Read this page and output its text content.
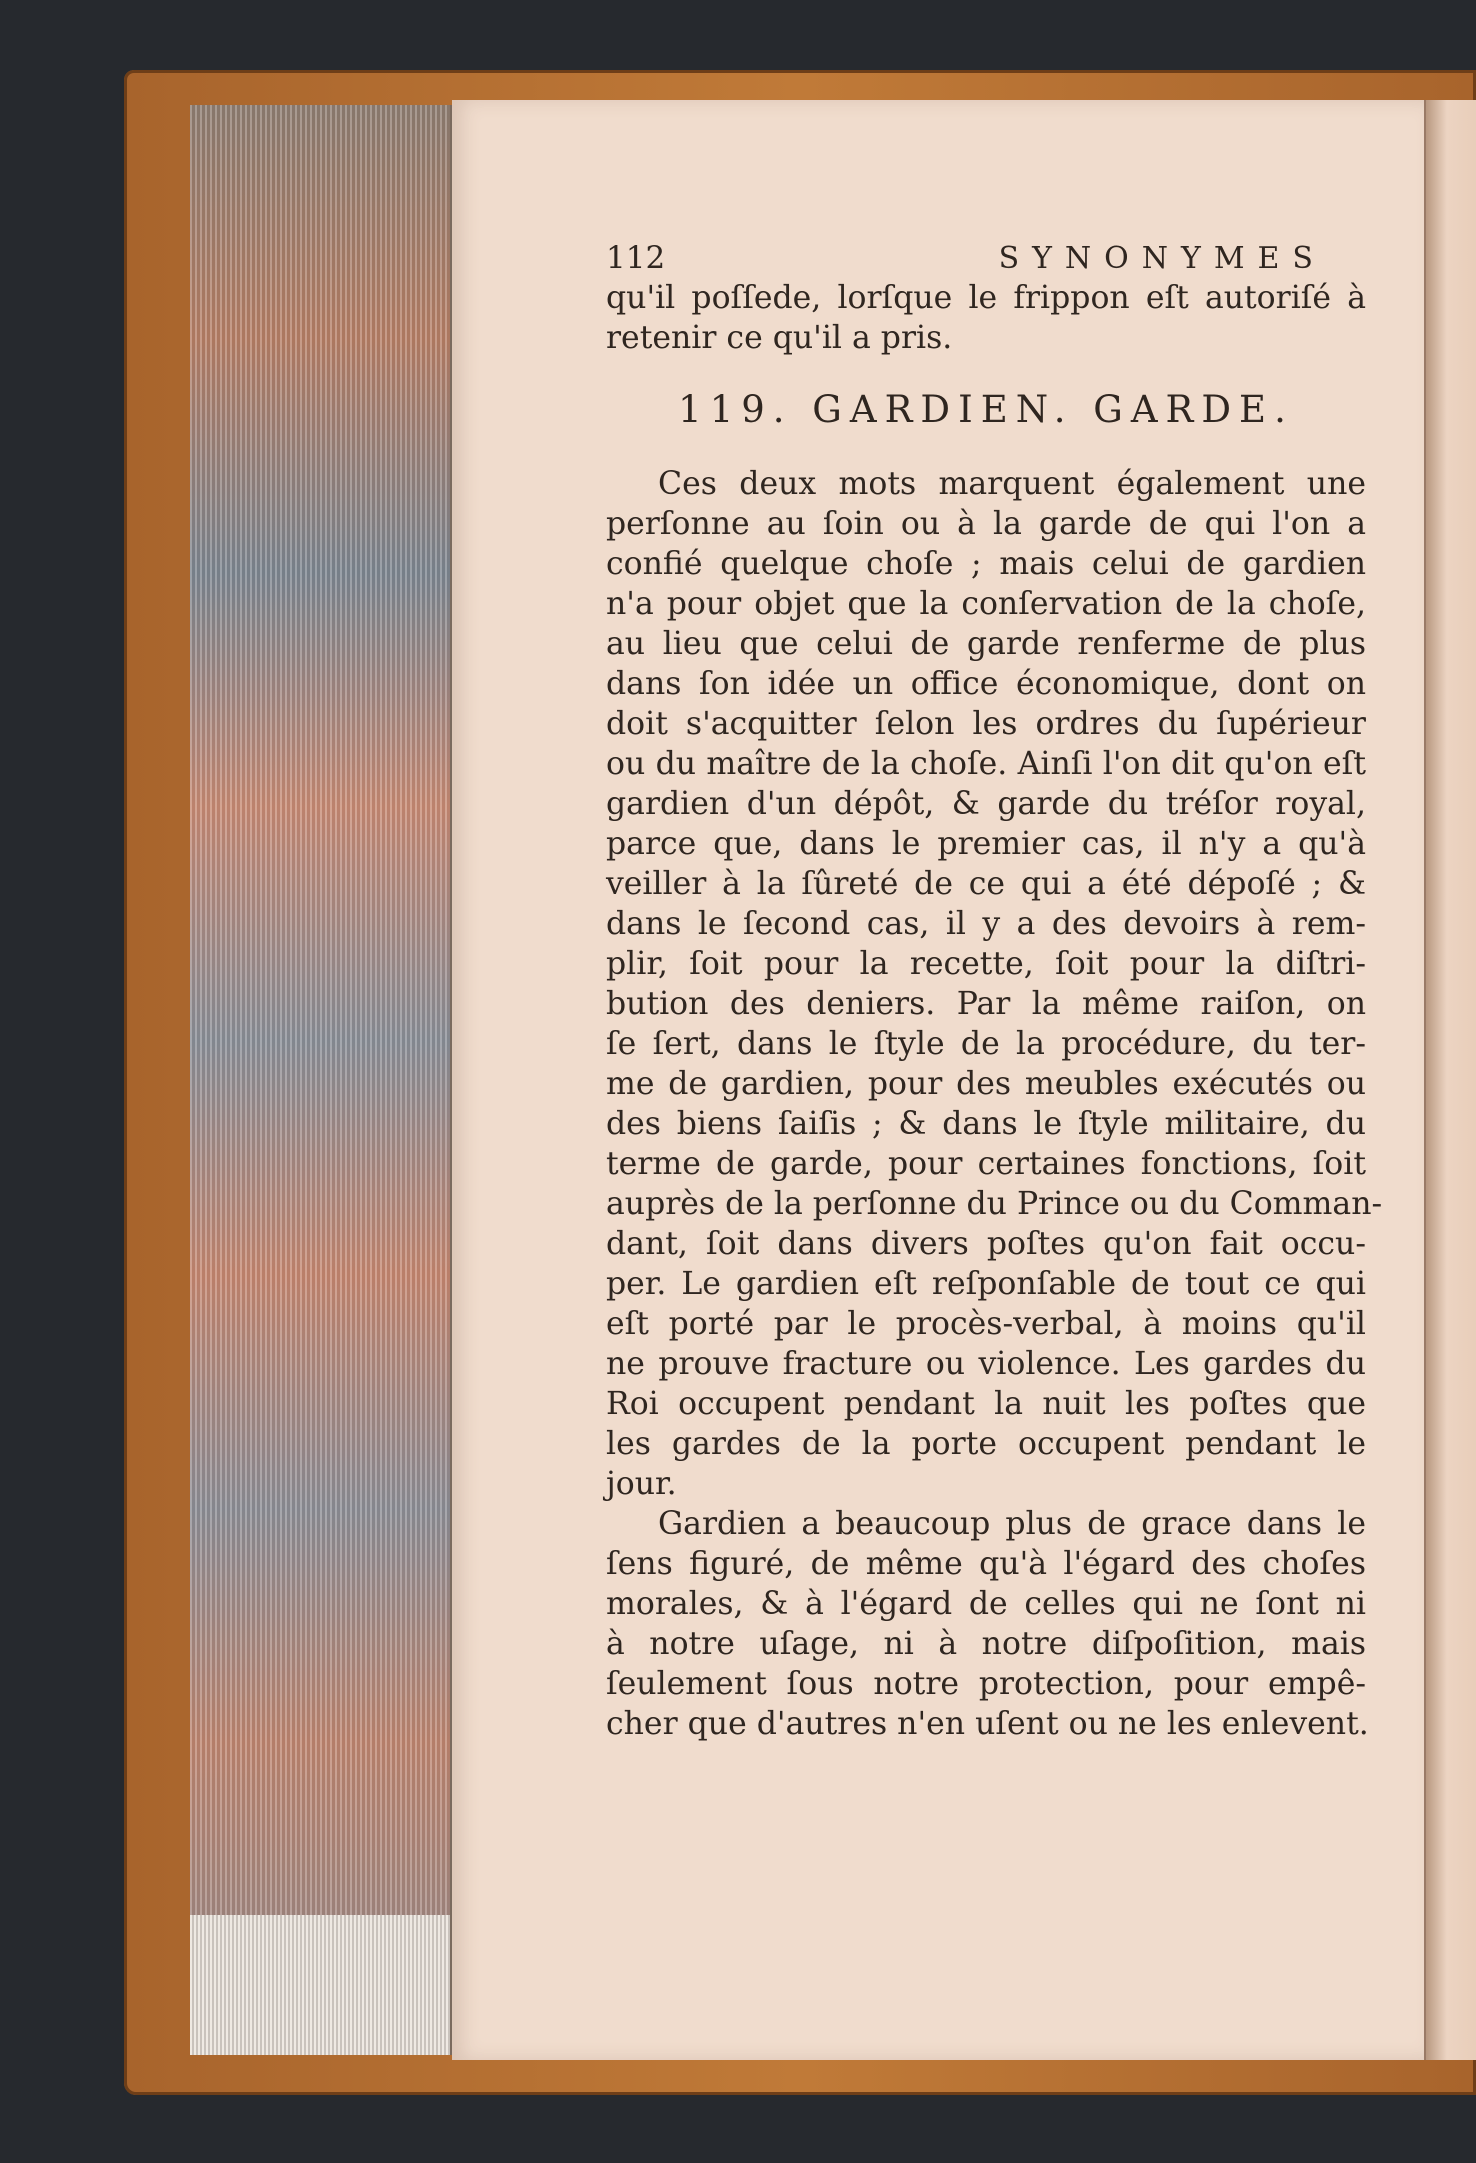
112	SYNONYMES
qu'il poſſede, lorſque le frippon eſt autoriſé à
retenir ce qu'il a pris.
119. GARDIEN. GARDE.
Ces deux mots marquent également une
perſonne au ſoin ou à la garde de qui l'on a
confié quelque choſe ; mais celui de gardien
n'a pour objet que la conſervation de la choſe,
au lieu que celui de garde renferme de plus
dans ſon idée un office économique, dont on
doit s'acquitter ſelon les ordres du ſupérieur
ou du maître de la choſe. Ainſi l'on dit qu'on eſt
gardien d'un dépôt, & garde du tréſor royal,
parce que, dans le premier cas, il n'y a qu'à
veiller à la ſûreté de ce qui a été dépoſé ; &
dans le ſecond cas, il y a des devoirs à rem-
plir, ſoit pour la recette, ſoit pour la diſtri-
bution des deniers. Par la même raiſon, on
ſe ſert, dans le ſtyle de la procédure, du ter-
me de gardien, pour des meubles exécutés ou
des biens ſaiſis ; & dans le ſtyle militaire, du
terme de garde, pour certaines fonctions, ſoit
auprès de la perſonne du Prince ou du Comman-
dant, ſoit dans divers poſtes qu'on fait occu-
per. Le gardien eſt reſponſable de tout ce qui
eſt porté par le procès-verbal, à moins qu'il
ne prouve fracture ou violence. Les gardes du
Roi occupent pendant la nuit les poſtes que
les gardes de la porte occupent pendant le
jour.
Gardien a beaucoup plus de grace dans le
ſens figuré, de même qu'à l'égard des choſes
morales, & à l'égard de celles qui ne ſont ni
à notre uſage, ni à notre diſpoſition, mais
ſeulement ſous notre protection, pour empê-
cher que d'autres n'en uſent ou ne les enlevent.
